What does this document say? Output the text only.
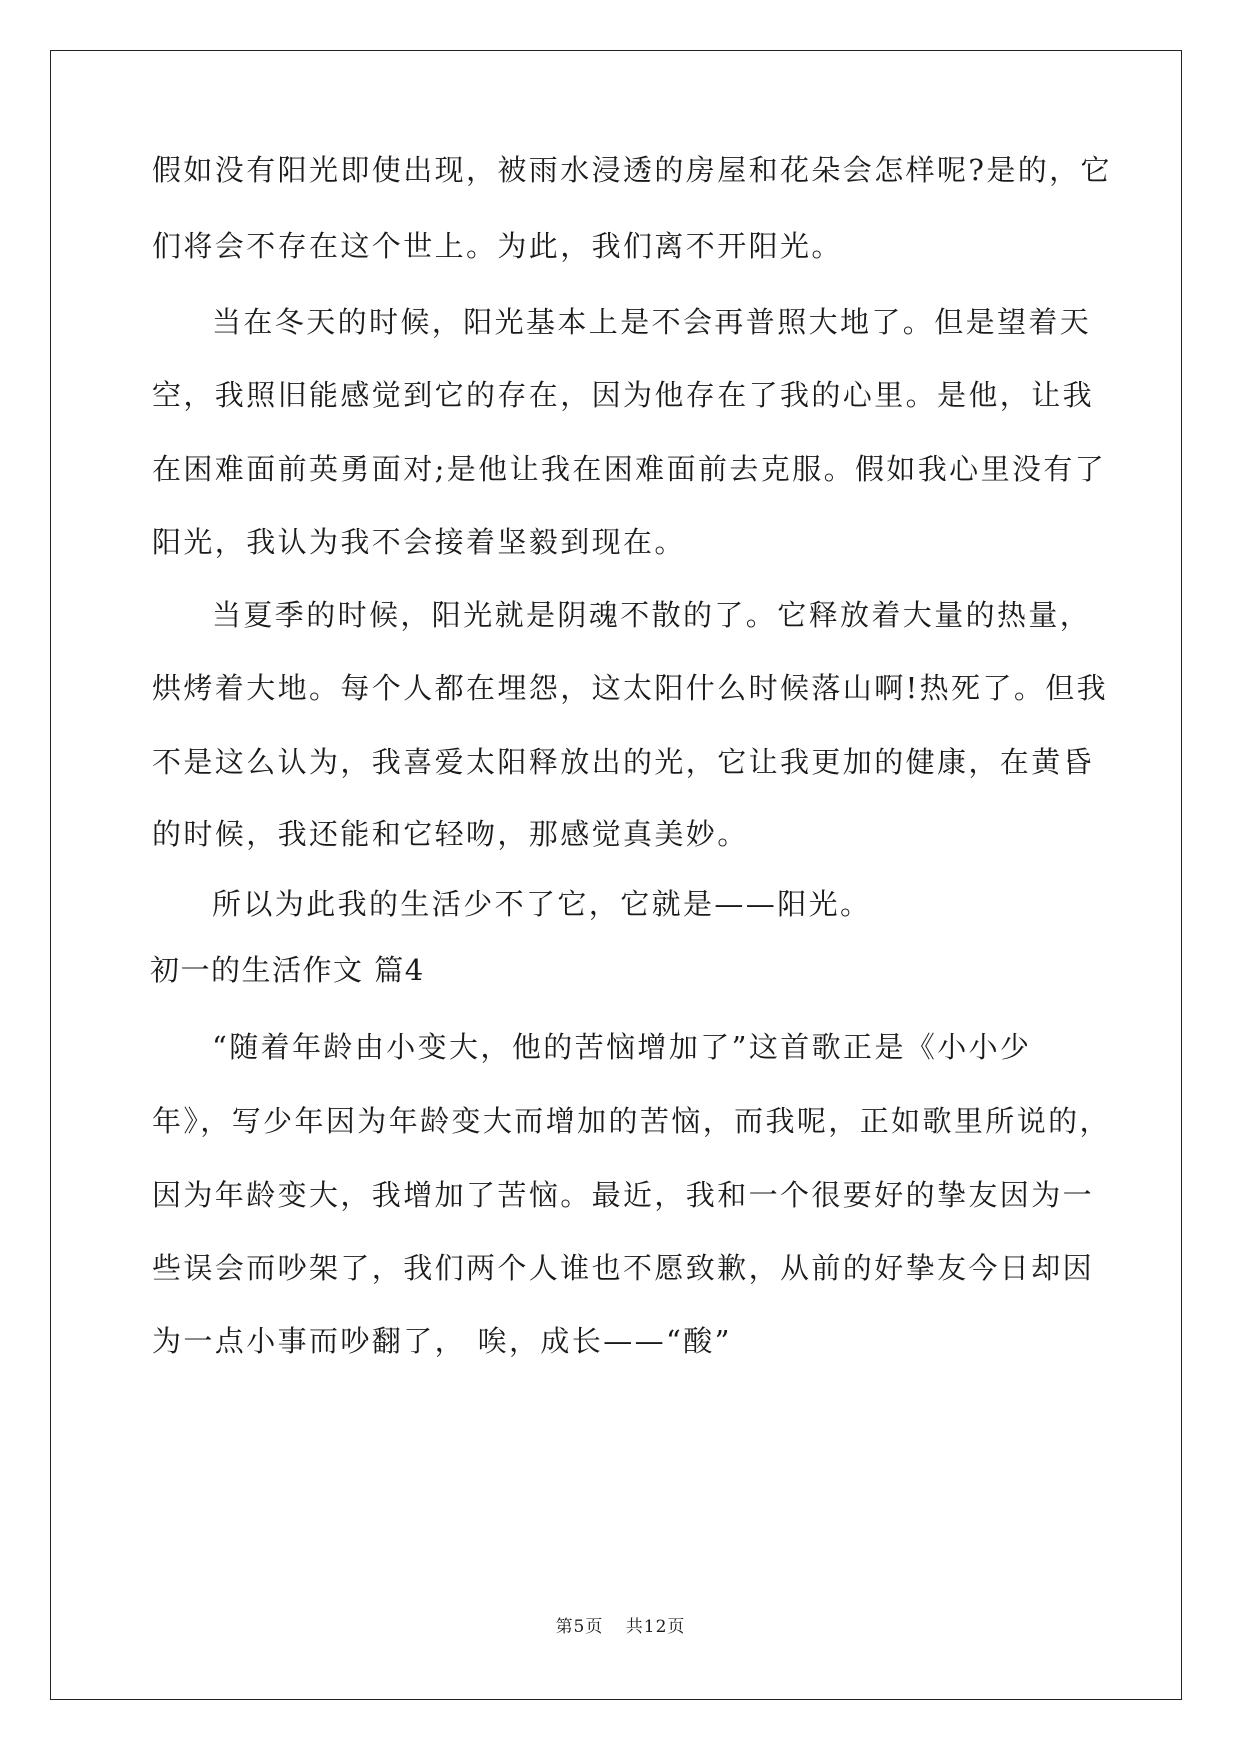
假如没有阳光即使出现，被雨水浸透的房屋和花朵会怎样呢?是的，它
们将会不存在这个世上。为此，我们离不开阳光。
当在冬天的时候，阳光基本上是不会再普照大地了。但是望着天
空，我照旧能感觉到它的存在，因为他存在了我的心里。是他，让我
在困难面前英勇面对;是他让我在困难面前去克服。假如我心里没有了
阳光，我认为我不会接着坚毅到现在。
当夏季的时候，阳光就是阴魂不散的了。它释放着大量的热量，
烘烤着大地。每个人都在埋怨，这太阳什么时候落山啊!热死了。但我
不是这么认为，我喜爱太阳释放出的光，它让我更加的健康，在黄昏
的时候，我还能和它轻吻，那感觉真美妙。
所以为此我的生活少不了它，它就是——阳光。
初一的生活作文 篇4
“随着年龄由小变大，他的苦恼增加了”这首歌正是《小小少
年》，写少年因为年龄变大而增加的苦恼，而我呢，正如歌里所说的，
因为年龄变大，我增加了苦恼。最近，我和一个很要好的挚友因为一
些误会而吵架了，我们两个人谁也不愿致歉，从前的好挚友今日却因
为一点小事而吵翻了， 唉，成长——“酸”
第5页 共12页
